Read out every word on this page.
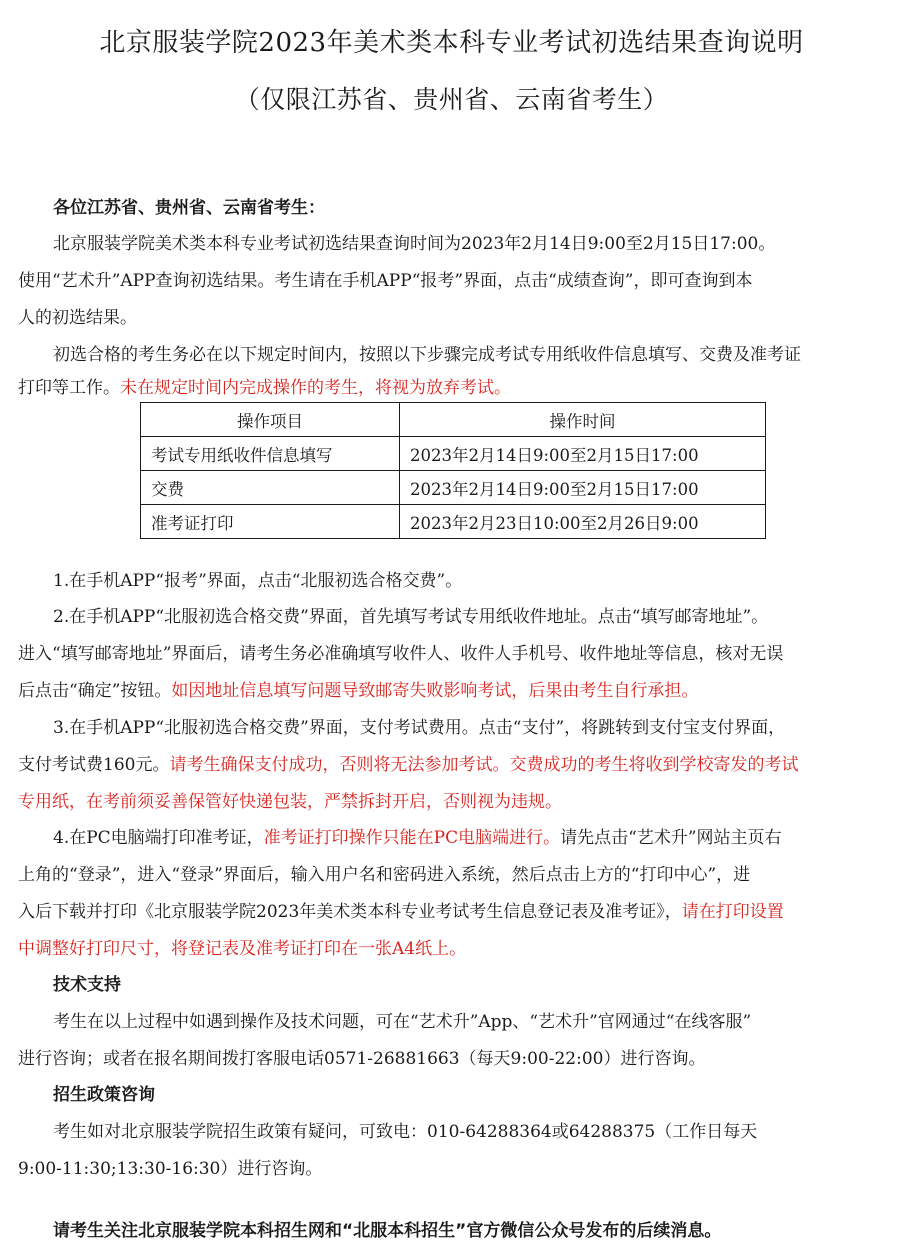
北京服装学院2023年美术类本科专业考试初选结果查询说明
（仅限江苏省、贵州省、云南省考生）
各位江苏省、贵州省、云南省考生：
北京服装学院美术类本科专业考试初选结果查询时间为2023年2月14日9:00至2月15日17:00。
使用“艺术升”APP查询初选结果。考生请在手机APP“报考”界面，点击“成绩查询”，即可查询到本
人的初选结果。
初选合格的考生务必在以下规定时间内，按照以下步骤完成考试专用纸收件信息填写、交费及准考证
打印等工作。未在规定时间内完成操作的考生，将视为放弃考试。
操作项目	操作时间
考试专用纸收件信息填写	2023年2月14日9:00至2月15日17:00
交费	2023年2月14日9:00至2月15日17:00
准考证打印	2023年2月23日10:00至2月26日9:00
1.在手机APP“报考”界面，点击“北服初选合格交费”。
2.在手机APP“北服初选合格交费”界面，首先填写考试专用纸收件地址。点击“填写邮寄地址”。
进入“填写邮寄地址”界面后，请考生务必准确填写收件人、收件人手机号、收件地址等信息，核对无误
后点击“确定”按钮。如因地址信息填写问题导致邮寄失败影响考试，后果由考生自行承担。
3.在手机APP“北服初选合格交费”界面，支付考试费用。点击“支付”，将跳转到支付宝支付界面，
支付考试费160元。请考生确保支付成功，否则将无法参加考试。交费成功的考生将收到学校寄发的考试
专用纸，在考前须妥善保管好快递包装，严禁拆封开启，否则视为违规。
4.在PC电脑端打印准考证，准考证打印操作只能在PC电脑端进行。请先点击“艺术升”网站主页右
上角的“登录”，进入“登录”界面后，输入用户名和密码进入系统，然后点击上方的“打印中心”，进
入后下载并打印《北京服装学院2023年美术类本科专业考试考生信息登记表及准考证》，请在打印设置
中调整好打印尺寸，将登记表及准考证打印在一张A4纸上。
技术支持
考生在以上过程中如遇到操作及技术问题，可在“艺术升”App、“艺术升”官网通过“在线客服”
进行咨询；或者在报名期间拨打客服电话0571-26881663（每天9:00-22:00）进行咨询。
招生政策咨询
考生如对北京服装学院招生政策有疑问，可致电：010-64288364或64288375（工作日每天
9:00-11:30;13:30-16:30）进行咨询。
请考生关注北京服装学院本科招生网和“北服本科招生”官方微信公众号发布的后续消息。
